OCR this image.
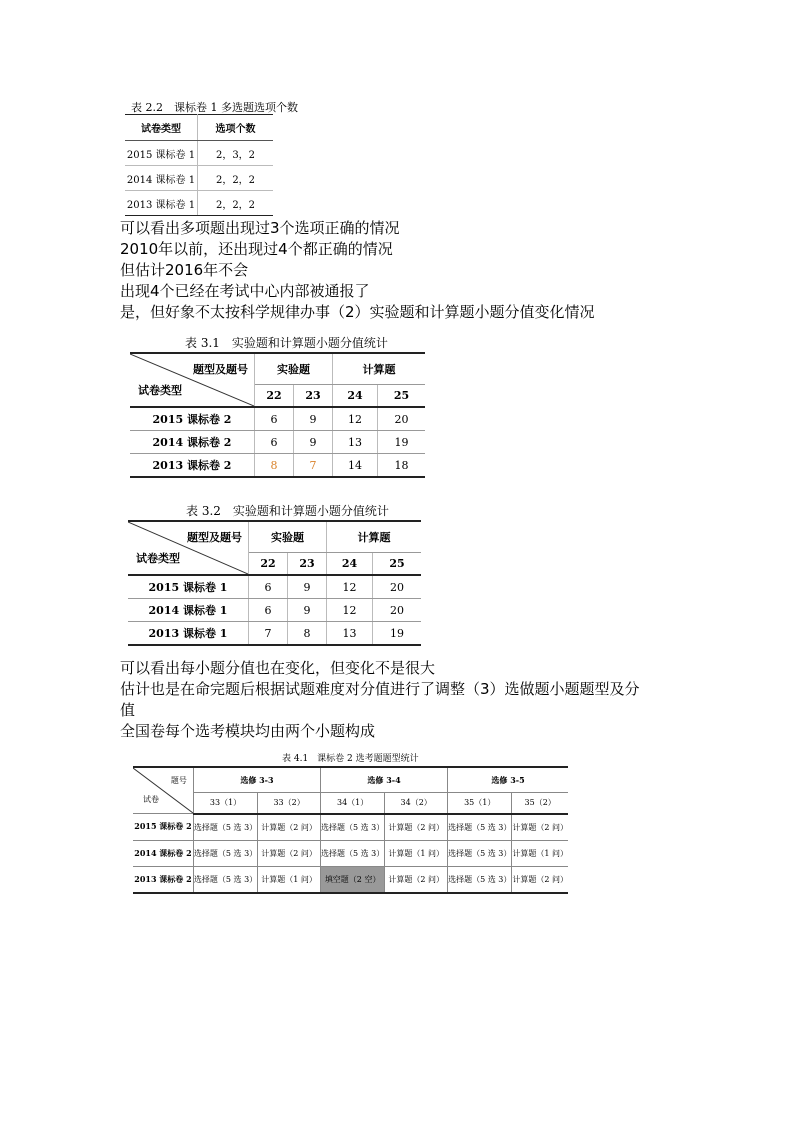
表 2.2　课标卷 1 多选题选项个数
试卷类型	选项个数
2015 课标卷 1	2，3，2
2014 课标卷 1	2，2，2
2013 课标卷 1	2，2，2
可以看出多项题出现过3个选项正确的情况
2010年以前，还出现过4个都正确的情况
但估计2016年不会
出现4个已经在考试中心内部被通报了
是，但好象不太按科学规律办事（2）实验题和计算题小题分值变化情况
表 3.1　实验题和计算题小题分值统计
题型及题号
试卷类型	实验题		计算题	
	22	23	24	25
2015 课标卷 2	6	9	12	20
2014 课标卷 2	6	9	13	19
2013 课标卷 2	8	7	14	18
表 3.2　实验题和计算题小题分值统计
题型及题号
试卷类型	实验题		计算题	
	22	23	24	25
2015 课标卷 1	6	9	12	20
2014 课标卷 1	6	9	12	20
2013 课标卷 1	7	8	13	19
可以看出每小题分值也在变化，但变化不是很大
估计也是在命完题后根据试题难度对分值进行了调整（3）选做题小题题型及分
值
全国卷每个选考模块均由两个小题构成
表 4.1　课标卷 2 选考题题型统计
题号
试卷	选修 3-3		选修 3-4		选修 3-5	
	33（1）	33（2）	34（1）	34（2）	35（1）	35（2）
2015 课标卷 2	选择题（5 选 3）	计算题（2 问）	选择题（5 选 3）	计算题（2 问）	选择题（5 选 3）	计算题（2 问）
2014 课标卷 2	选择题（5 选 3）	计算题（2 问）	选择题（5 选 3）	计算题（1 问）	选择题（5 选 3）	计算题（1 问）
2013 课标卷 2	选择题（5 选 3）	计算题（1 问）	填空题（2 空）	计算题（2 问）	选择题（5 选 3）	计算题（2 问）
